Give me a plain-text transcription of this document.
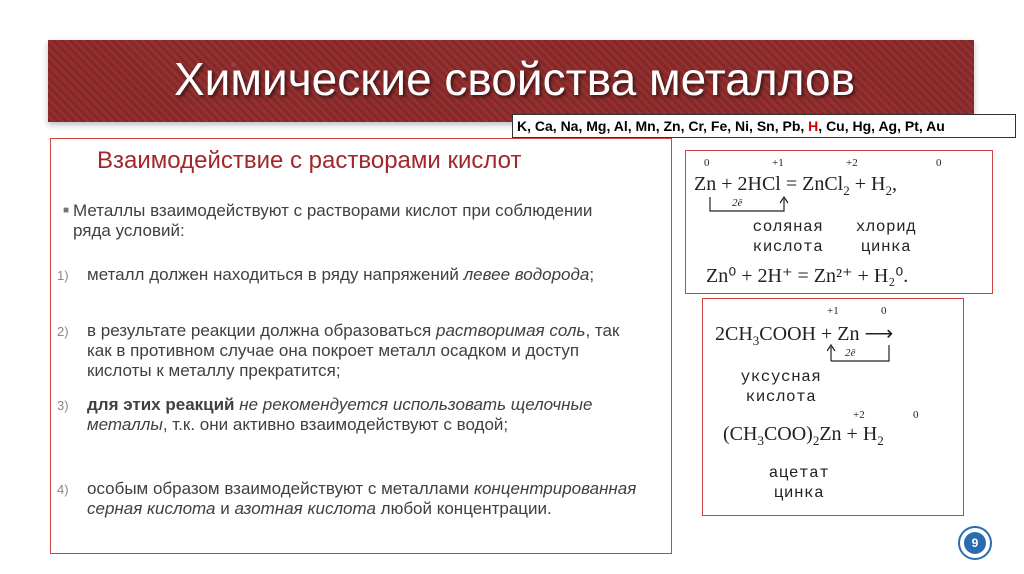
Химические свойства металлов
K, Ca, Na, Mg, Al, Mn, Zn, Cr, Fe, Ni, Sn, Pb, H, Cu, Hg, Ag, Pt, Au
Взаимодействие с растворами кислот
■ Металлы взаимодействуют с растворами кислот при соблюдении ряда условий:
1) металл должен находиться в ряду напряжений левее водорода;
2) в результате реакции должна образоваться растворимая соль, так как в противном случае она покроет металл осадком и доступ кислоты к металлу прекратится;
3) для этих реакций не рекомендуется использовать щелочные металлы, т.к. они активно взаимодействуют с водой;
4) особым образом взаимодействуют с металлами концентрированная серная кислота и азотная кислота любой концентрации.
0	+1	+2	0
Zn + 2HCl = ZnCl$_2$ + $H_2$,
2ē
соляная кислота
хлорид цинка
Zn⁰ + 2H⁺ = Zn²⁺ + H₂⁰.
+1	0
$2CH_3COOH + Zn$ ⟶
2ē
уксусная кислота
+2	0
$(CH_3COO)_2Zn + H_2$
ацетат цинка
9
